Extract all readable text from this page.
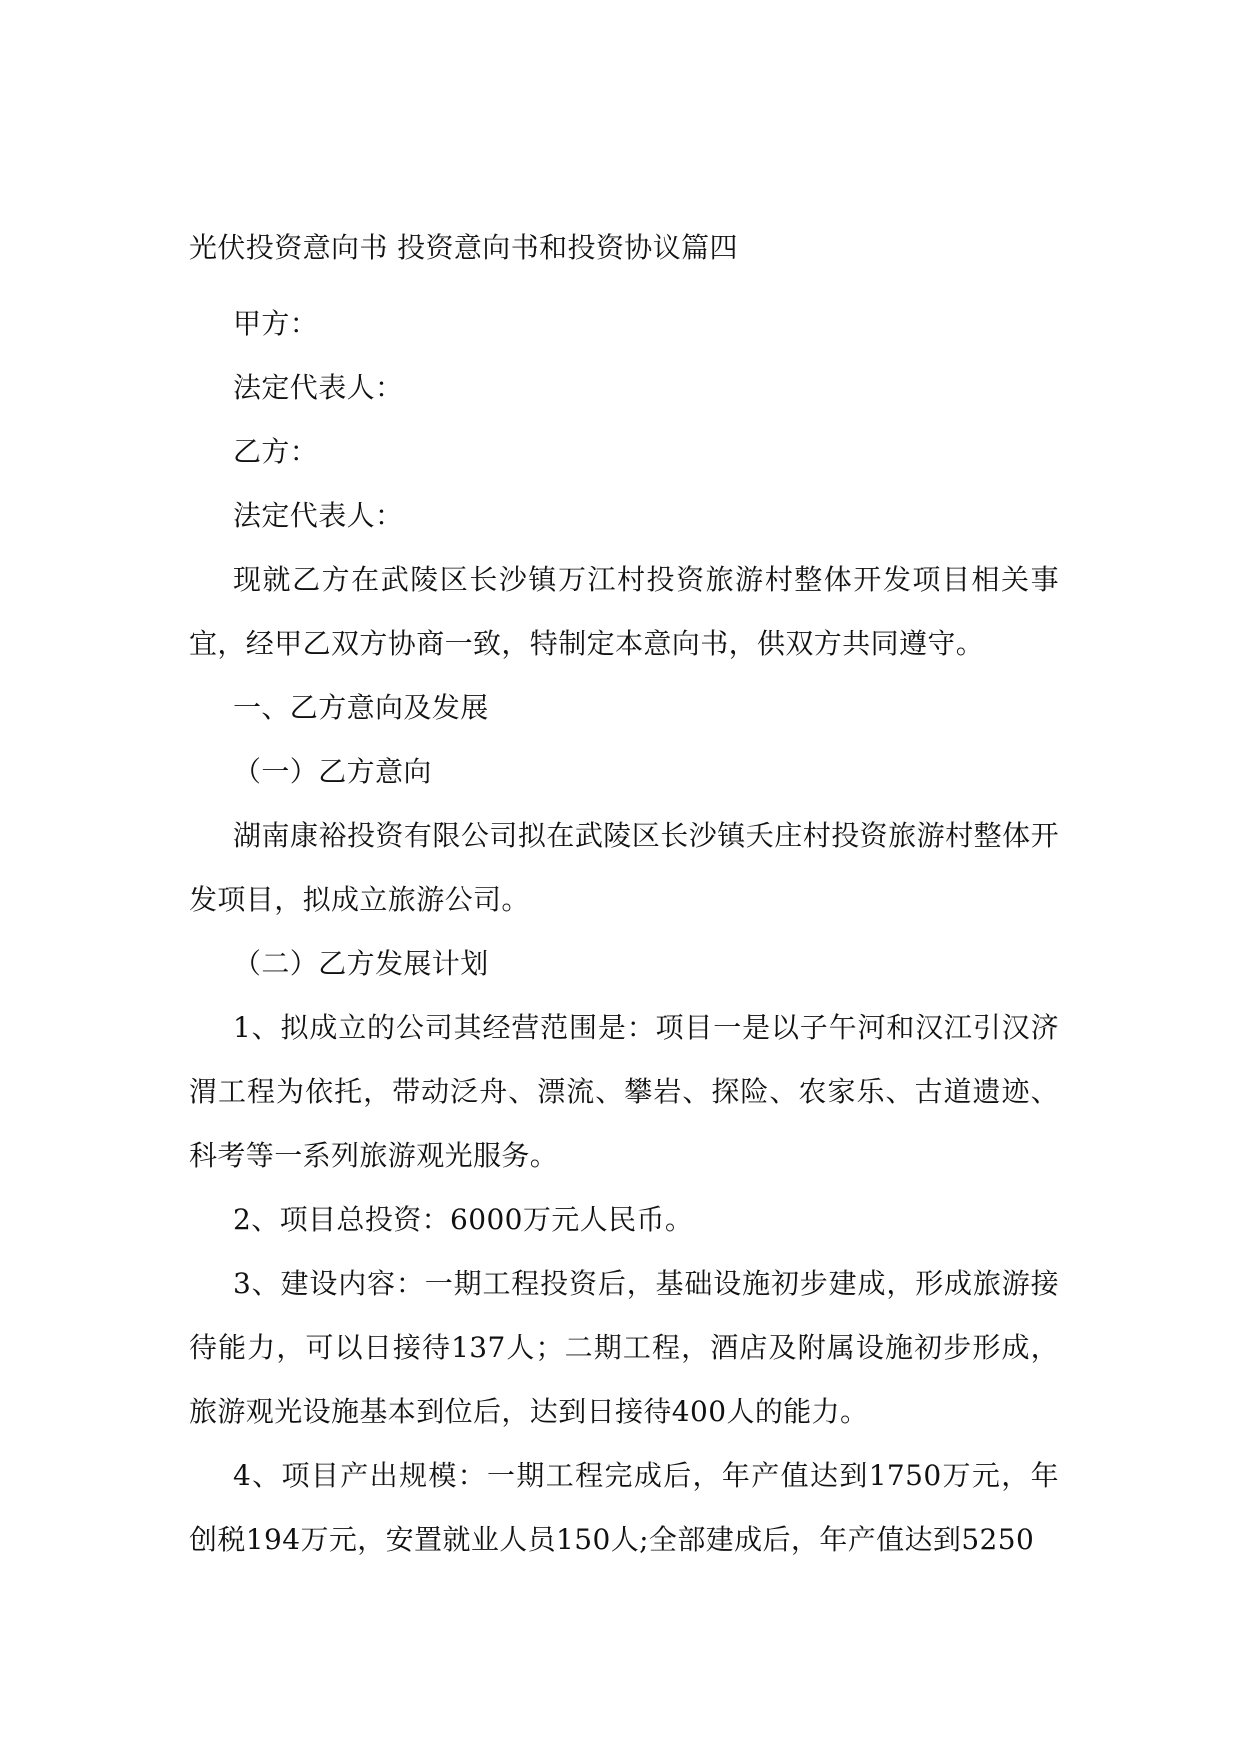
光伏投资意向书 投资意向书和投资协议篇四

甲方：

法定代表人：

乙方：

法定代表人：

现就乙方在武陵区长沙镇万江村投资旅游村整体开发项目相关事宜，经甲乙双方协商一致，特制定本意向书，供双方共同遵守。

一、乙方意向及发展

（一）乙方意向

湖南康裕投资有限公司拟在武陵区长沙镇夭庄村投资旅游村整体开发项目，拟成立旅游公司。

（二）乙方发展计划

1、拟成立的公司其经营范围是：项目一是以子午河和汉江引汉济渭工程为依托，带动泛舟、漂流、攀岩、探险、农家乐、古道遗迹、科考等一系列旅游观光服务。

2、项目总投资：6000万元人民币。

3、建设内容：一期工程投资后，基础设施初步建成，形成旅游接待能力，可以日接待137人；二期工程，酒店及附属设施初步形成，旅游观光设施基本到位后，达到日接待400人的能力。

4、项目产出规模：一期工程完成后，年产值达到1750万元，年创税194万元，安置就业人员150人;全部建成后，年产值达到5250
